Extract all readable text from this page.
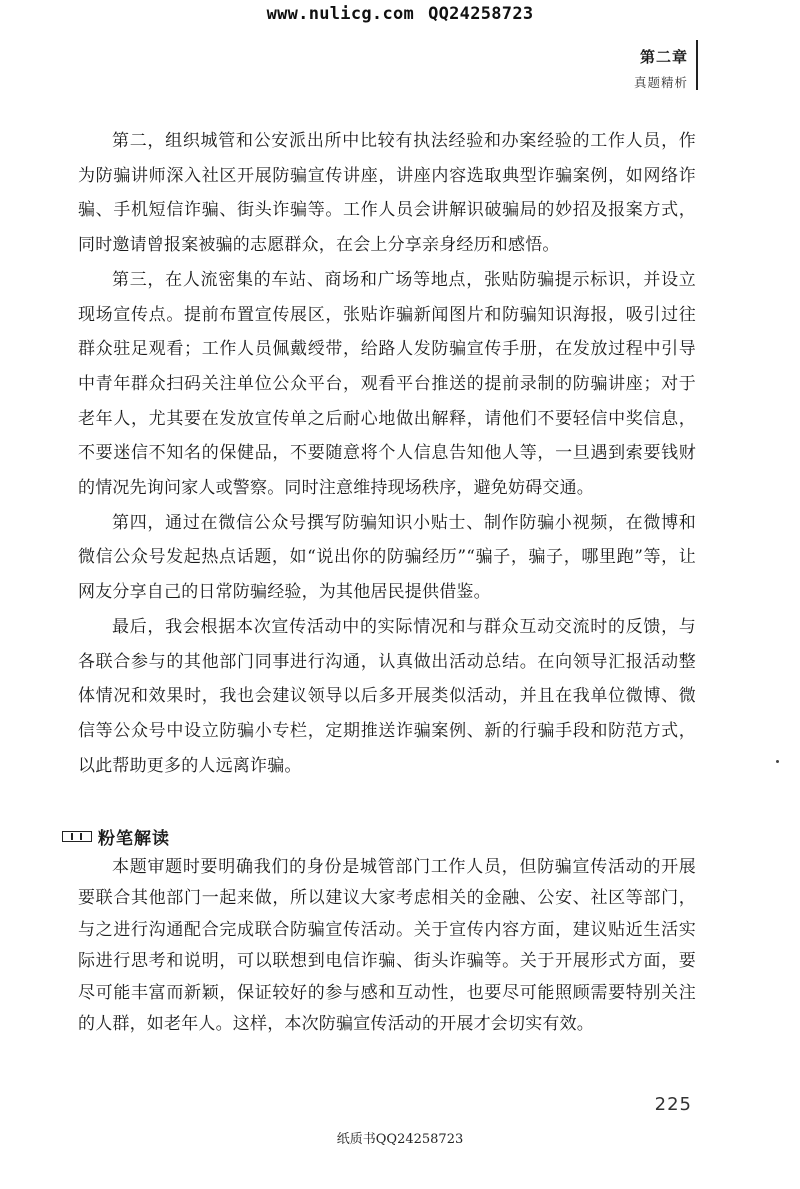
www.nulicg.com QQ24258723
第二章
真题精析

第二，组织城管和公安派出所中比较有执法经验和办案经验的工作人员，作为防骗讲师深入社区开展防骗宣传讲座，讲座内容选取典型诈骗案例，如网络诈骗、手机短信诈骗、街头诈骗等。工作人员会讲解识破骗局的妙招及报案方式，同时邀请曾报案被骗的志愿群众，在会上分享亲身经历和感悟。

第三，在人流密集的车站、商场和广场等地点，张贴防骗提示标识，并设立现场宣传点。提前布置宣传展区，张贴诈骗新闻图片和防骗知识海报，吸引过往群众驻足观看；工作人员佩戴绶带，给路人发防骗宣传手册，在发放过程中引导中青年群众扫码关注单位公众平台，观看平台推送的提前录制的防骗讲座；对于老年人，尤其要在发放宣传单之后耐心地做出解释，请他们不要轻信中奖信息，不要迷信不知名的保健品，不要随意将个人信息告知他人等，一旦遇到索要钱财的情况先询问家人或警察。同时注意维持现场秩序，避免妨碍交通。

第四，通过在微信公众号撰写防骗知识小贴士、制作防骗小视频，在微博和微信公众号发起热点话题，如“说出你的防骗经历”“骗子，骗子，哪里跑”等，让网友分享自己的日常防骗经验，为其他居民提供借鉴。

最后，我会根据本次宣传活动中的实际情况和与群众互动交流时的反馈，与各联合参与的其他部门同事进行沟通，认真做出活动总结。在向领导汇报活动整体情况和效果时，我也会建议领导以后多开展类似活动，并且在我单位微博、微信等公众号中设立防骗小专栏，定期推送诈骗案例、新的行骗手段和防范方式，以此帮助更多的人远离诈骗。

粉笔解读

本题审题时要明确我们的身份是城管部门工作人员，但防骗宣传活动的开展要联合其他部门一起来做，所以建议大家考虑相关的金融、公安、社区等部门，与之进行沟通配合完成联合防骗宣传活动。关于宣传内容方面，建议贴近生活实际进行思考和说明，可以联想到电信诈骗、街头诈骗等。关于开展形式方面，要尽可能丰富而新颖，保证较好的参与感和互动性，也要尽可能照顾需要特别关注的人群，如老年人。这样，本次防骗宣传活动的开展才会切实有效。

225
纸质书QQ24258723
